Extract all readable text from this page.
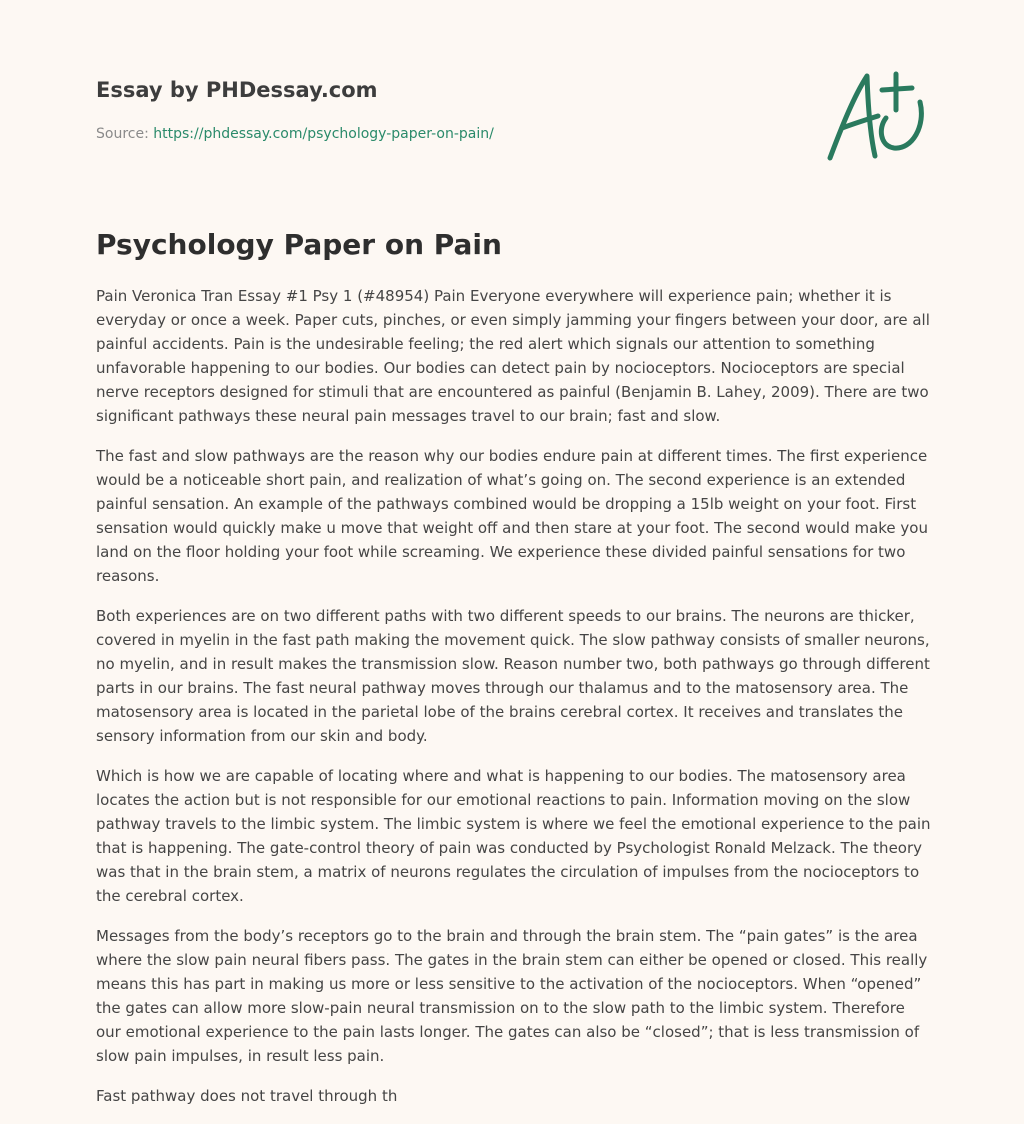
Essay by PHDessay.com
Source: https://phdessay.com/psychology-paper-on-pain/
Psychology Paper on Pain

Pain Veronica Tran Essay #1 Psy 1 (#48954) Pain Everyone everywhere will experience pain; whether it is everyday or once a week. Paper cuts, pinches, or even simply jamming your fingers between your door, are all painful accidents. Pain is the undesirable feeling; the red alert which signals our attention to something unfavorable happening to our bodies. Our bodies can detect pain by nocioceptors. Nocioceptors are special nerve receptors designed for stimuli that are encountered as painful (Benjamin B. Lahey, 2009). There are two significant pathways these neural pain messages travel to our brain; fast and slow.

The fast and slow pathways are the reason why our bodies endure pain at different times. The first experience would be a noticeable short pain, and realization of what’s going on. The second experience is an extended painful sensation. An example of the pathways combined would be dropping a 15lb weight on your foot. First sensation would quickly make u move that weight off and then stare at your foot. The second would make you land on the floor holding your foot while screaming. We experience these divided painful sensations for two reasons.

Both experiences are on two different paths with two different speeds to our brains. The neurons are thicker, covered in myelin in the fast path making the movement quick. The slow pathway consists of smaller neurons, no myelin, and in result makes the transmission slow. Reason number two, both pathways go through different parts in our brains. The fast neural pathway moves through our thalamus and to the matosensory area. The matosensory area is located in the parietal lobe of the brains cerebral cortex. It receives and translates the sensory information from our skin and body.

Which is how we are capable of locating where and what is happening to our bodies. The matosensory area locates the action but is not responsible for our emotional reactions to pain. Information moving on the slow pathway travels to the limbic system. The limbic system is where we feel the emotional experience to the pain that is happening. The gate-control theory of pain was conducted by Psychologist Ronald Melzack. The theory was that in the brain stem, a matrix of neurons regulates the circulation of impulses from the nocioceptors to the cerebral cortex.

Messages from the body’s receptors go to the brain and through the brain stem. The “pain gates” is the area where the slow pain neural fibers pass. The gates in the brain stem can either be opened or closed. This really means this has part in making us more or less sensitive to the activation of the nocioceptors. When “opened” the gates can allow more slow-pain neural transmission on to the slow path to the limbic system. Therefore our emotional experience to the pain lasts longer. The gates can also be “closed”; that is less transmission of slow pain impulses, in result less pain.

Fast pathway does not travel through th
